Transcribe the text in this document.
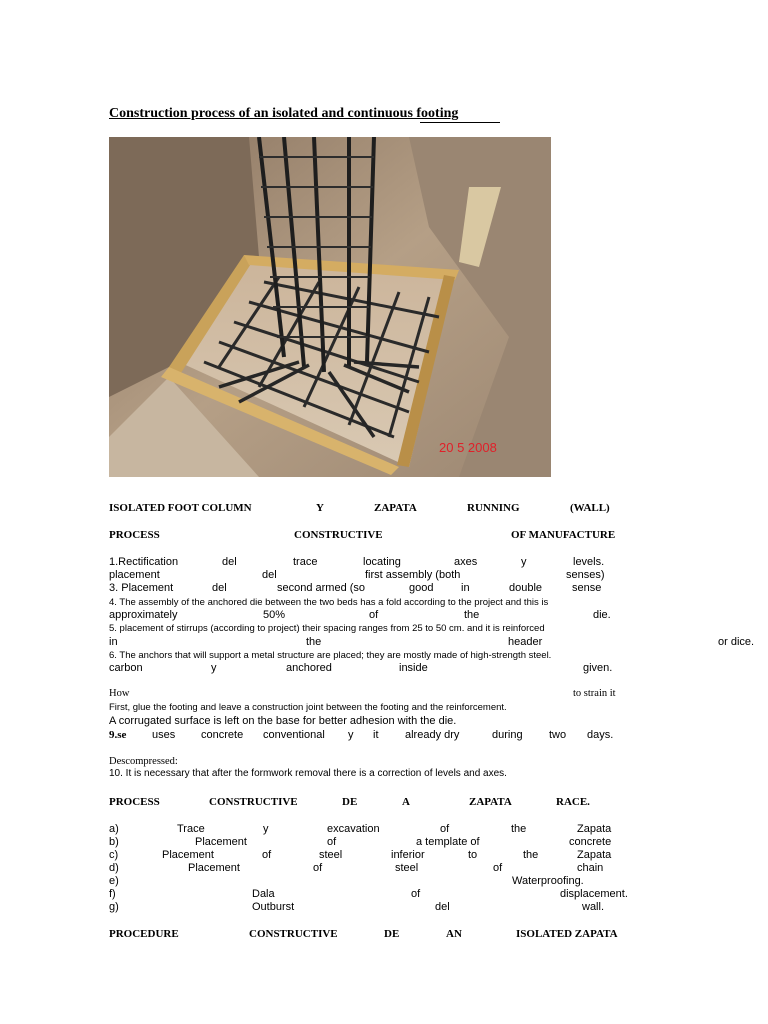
Construction process of an isolated and continuous footing
20 5 2008
ISOLATED FOOT COLUMN	Y	ZAPATA	RUNNING	(WALL)
PROCESS	CONSTRUCTIVE	OF MANUFACTURE
1.Rectification	del	trace	locating	axes	y	levels.
placement	del	first assembly (both	senses)
3. Placement	del	second armed (so	good	in	double	sense
4. The assembly of the anchored die between the two beds has a fold according to the project and this is
approximately	50%	of	the	die.
5. placement of stirrups (according to project) their spacing ranges from 25 to 50 cm. and it is reinforced
in	the	header	or dice.
6. The anchors that will support a metal structure are placed; they are mostly made of high-strength steel.
carbon	y	anchored	inside	given.
How	to strain it
First, glue the footing and leave a construction joint between the footing and the reinforcement.
A corrugated surface is left on the base for better adhesion with the die.
9.se uses concrete conventional y it already dry	during two days.
Descompressed:
10. It is necessary that after the formwork removal there is a correction of levels and axes.
PROCESS	CONSTRUCTIVE	DE	A	ZAPATA	RACE.
a)	Trace	y	excavation	of	the	Zapata
b)	Placement	of	a template of	concrete
c)	Placement	of	steel	inferior	to	the	Zapata
d)	Placement	of	steel	of	chain
e)	Waterproofing.
f)	Dala	of	displacement.
g)	Outburst	del	wall.
PROCEDURE	CONSTRUCTIVE	DE	AN	ISOLATED ZAPATA
